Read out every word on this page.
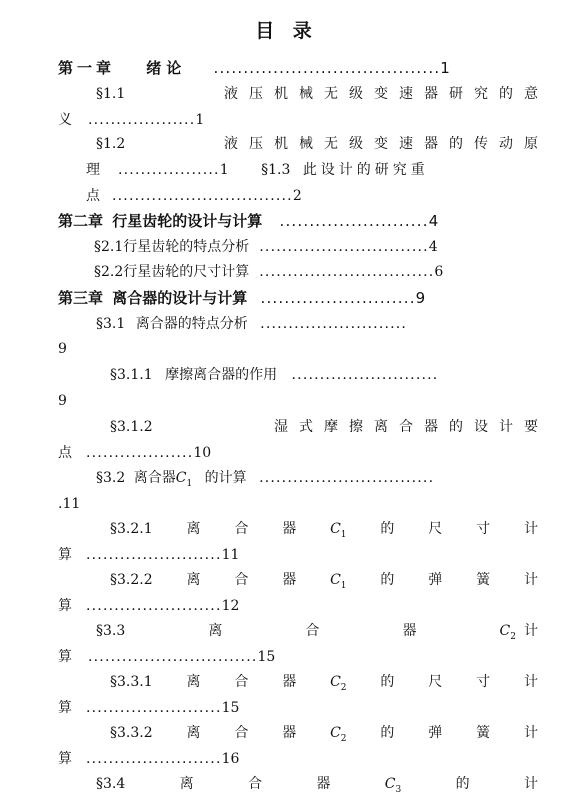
目 录
第一章 绪论 ......................................1
§1.1	液压机械无级变速器研究的意
义 ...................1
§1.2	液压机械无级变速器的传动原
理 ..................1 §1.3 此设计的研究重
点 ................................2
第二章 行星齿轮的设计与计算 .........................4
§2.1行星齿轮的特点分析 ..............................4
§2.2行星齿轮的尺寸计算 ...............................6
第三章 离合器的设计与计算 ..........................9
§3.1 离合器的特点分析 ..........................
9
§3.1.1 摩擦离合器的作用 ..........................
9
§3.1.2	湿式摩擦离合器的设计要
点 ...................10
§3.2 离合器$C_1$ 的计算 ...............................
.11
§3.2.1 离 合 器 $C_1$ 的 尺 寸 计
算 ........................11
§3.2.2 离 合 器 $C_1$ 的 弹 簧 计
算 ........................12
§3.3	离	合	器	$C_2$ 计
算 ..............................15
§3.3.1 离 合 器 $C_2$ 的 尺 寸 计
算 ........................15
§3.3.2 离 合 器 $C_2$ 的 弹 簧 计
算 ........................16
§3.4	离	合	器	$C_3$	的	计
